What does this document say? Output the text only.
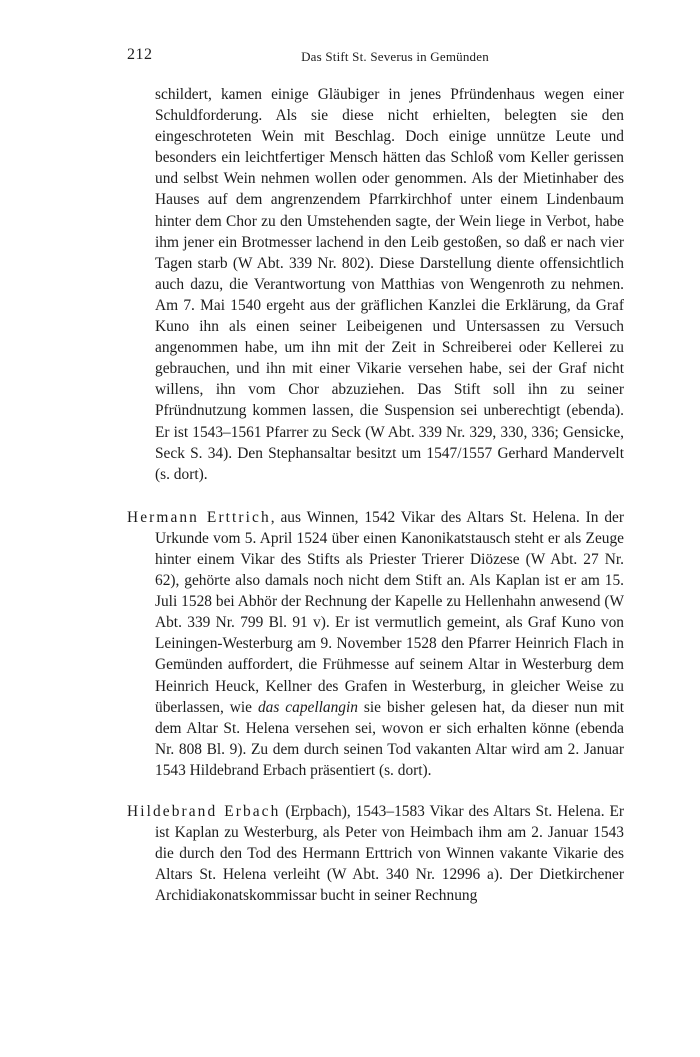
212	Das Stift St. Severus in Gemünden

schildert, kamen einige Gläubiger in jenes Pfründenhaus wegen einer Schuldforderung. Als sie diese nicht erhielten, belegten sie den eingeschroteten Wein mit Beschlag. Doch einige unnütze Leute und besonders ein leichtfertiger Mensch hätten das Schloß vom Keller gerissen und selbst Wein nehmen wollen oder genommen. Als der Mietinhaber des Hauses auf dem angrenzendem Pfarrkirchhof unter einem Lindenbaum hinter dem Chor zu den Umstehenden sagte, der Wein liege in Verbot, habe ihm jener ein Brotmesser lachend in den Leib gestoßen, so daß er nach vier Tagen starb (W Abt. 339 Nr. 802). Diese Darstellung diente offensichtlich auch dazu, die Verantwortung von Matthias von Wengenroth zu nehmen. Am 7. Mai 1540 ergeht aus der gräflichen Kanzlei die Erklärung, da Graf Kuno ihn als einen seiner Leibeigenen und Untersassen zu Versuch angenommen habe, um ihn mit der Zeit in Schreiberei oder Kellerei zu gebrauchen, und ihn mit einer Vikarie versehen habe, sei der Graf nicht willens, ihn vom Chor abzuziehen. Das Stift soll ihn zu seiner Pfründnutzung kommen lassen, die Suspension sei unberechtigt (ebenda). Er ist 1543–1561 Pfarrer zu Seck (W Abt. 339 Nr. 329, 330, 336; Gensicke, Seck S. 34). Den Stephansaltar besitzt um 1547/1557 Gerhard Mandervelt (s. dort).

Hermann Erttrich, aus Winnen, 1542 Vikar des Altars St. Helena. In der Urkunde vom 5. April 1524 über einen Kanonikatstausch steht er als Zeuge hinter einem Vikar des Stifts als Priester Trierer Diözese (W Abt. 27 Nr. 62), gehörte also damals noch nicht dem Stift an. Als Kaplan ist er am 15. Juli 1528 bei Abhör der Rechnung der Kapelle zu Hellenhahn anwesend (W Abt. 339 Nr. 799 Bl. 91 v). Er ist vermutlich gemeint, als Graf Kuno von Leiningen-Westerburg am 9. November 1528 den Pfarrer Heinrich Flach in Gemünden auffordert, die Frühmesse auf seinem Altar in Westerburg dem Heinrich Heuck, Kellner des Grafen in Westerburg, in gleicher Weise zu überlassen, wie das capellangin sie bisher gelesen hat, da dieser nun mit dem Altar St. Helena versehen sei, wovon er sich erhalten könne (ebenda Nr. 808 Bl. 9). Zu dem durch seinen Tod vakanten Altar wird am 2. Januar 1543 Hildebrand Erbach präsentiert (s. dort).

Hildebrand Erbach (Erpbach), 1543–1583 Vikar des Altars St. Helena. Er ist Kaplan zu Westerburg, als Peter von Heimbach ihm am 2. Januar 1543 die durch den Tod des Hermann Erttrich von Winnen vakante Vikarie des Altars St. Helena verleiht (W Abt. 340 Nr. 12996 a). Der Dietkirchener Archidiakonatskommissar bucht in seiner Rechnung
